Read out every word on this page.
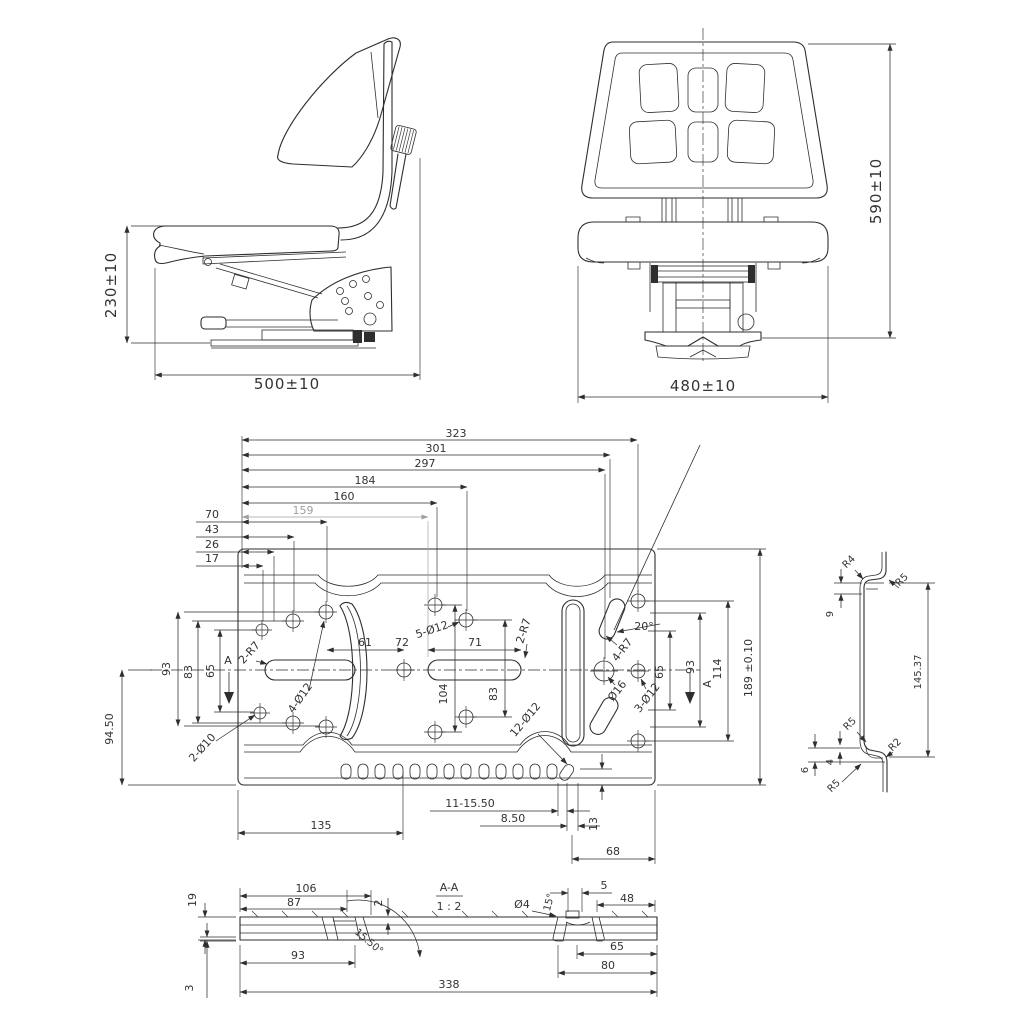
230±10
500±10
590±10
480±10
323
301
297
184
160
159
70
43
26
17
93 83 65
94.50
A
A
61 72	71
104	83
2-R7
2-Ø10
4-Ø12
5-Ø12	2-R7
12-Ø12
20°
4-R7
Ø16 3-Ø12
65 93 114 189 ±0.10
135
11-15.50
8.50	13
68
R4
R5
9
145.37
R5
R2
6
4
R5
19
3
106
87	2
A-A
1 : 2
15.50°
Ø4 15°
5
48
93
65
80
338
